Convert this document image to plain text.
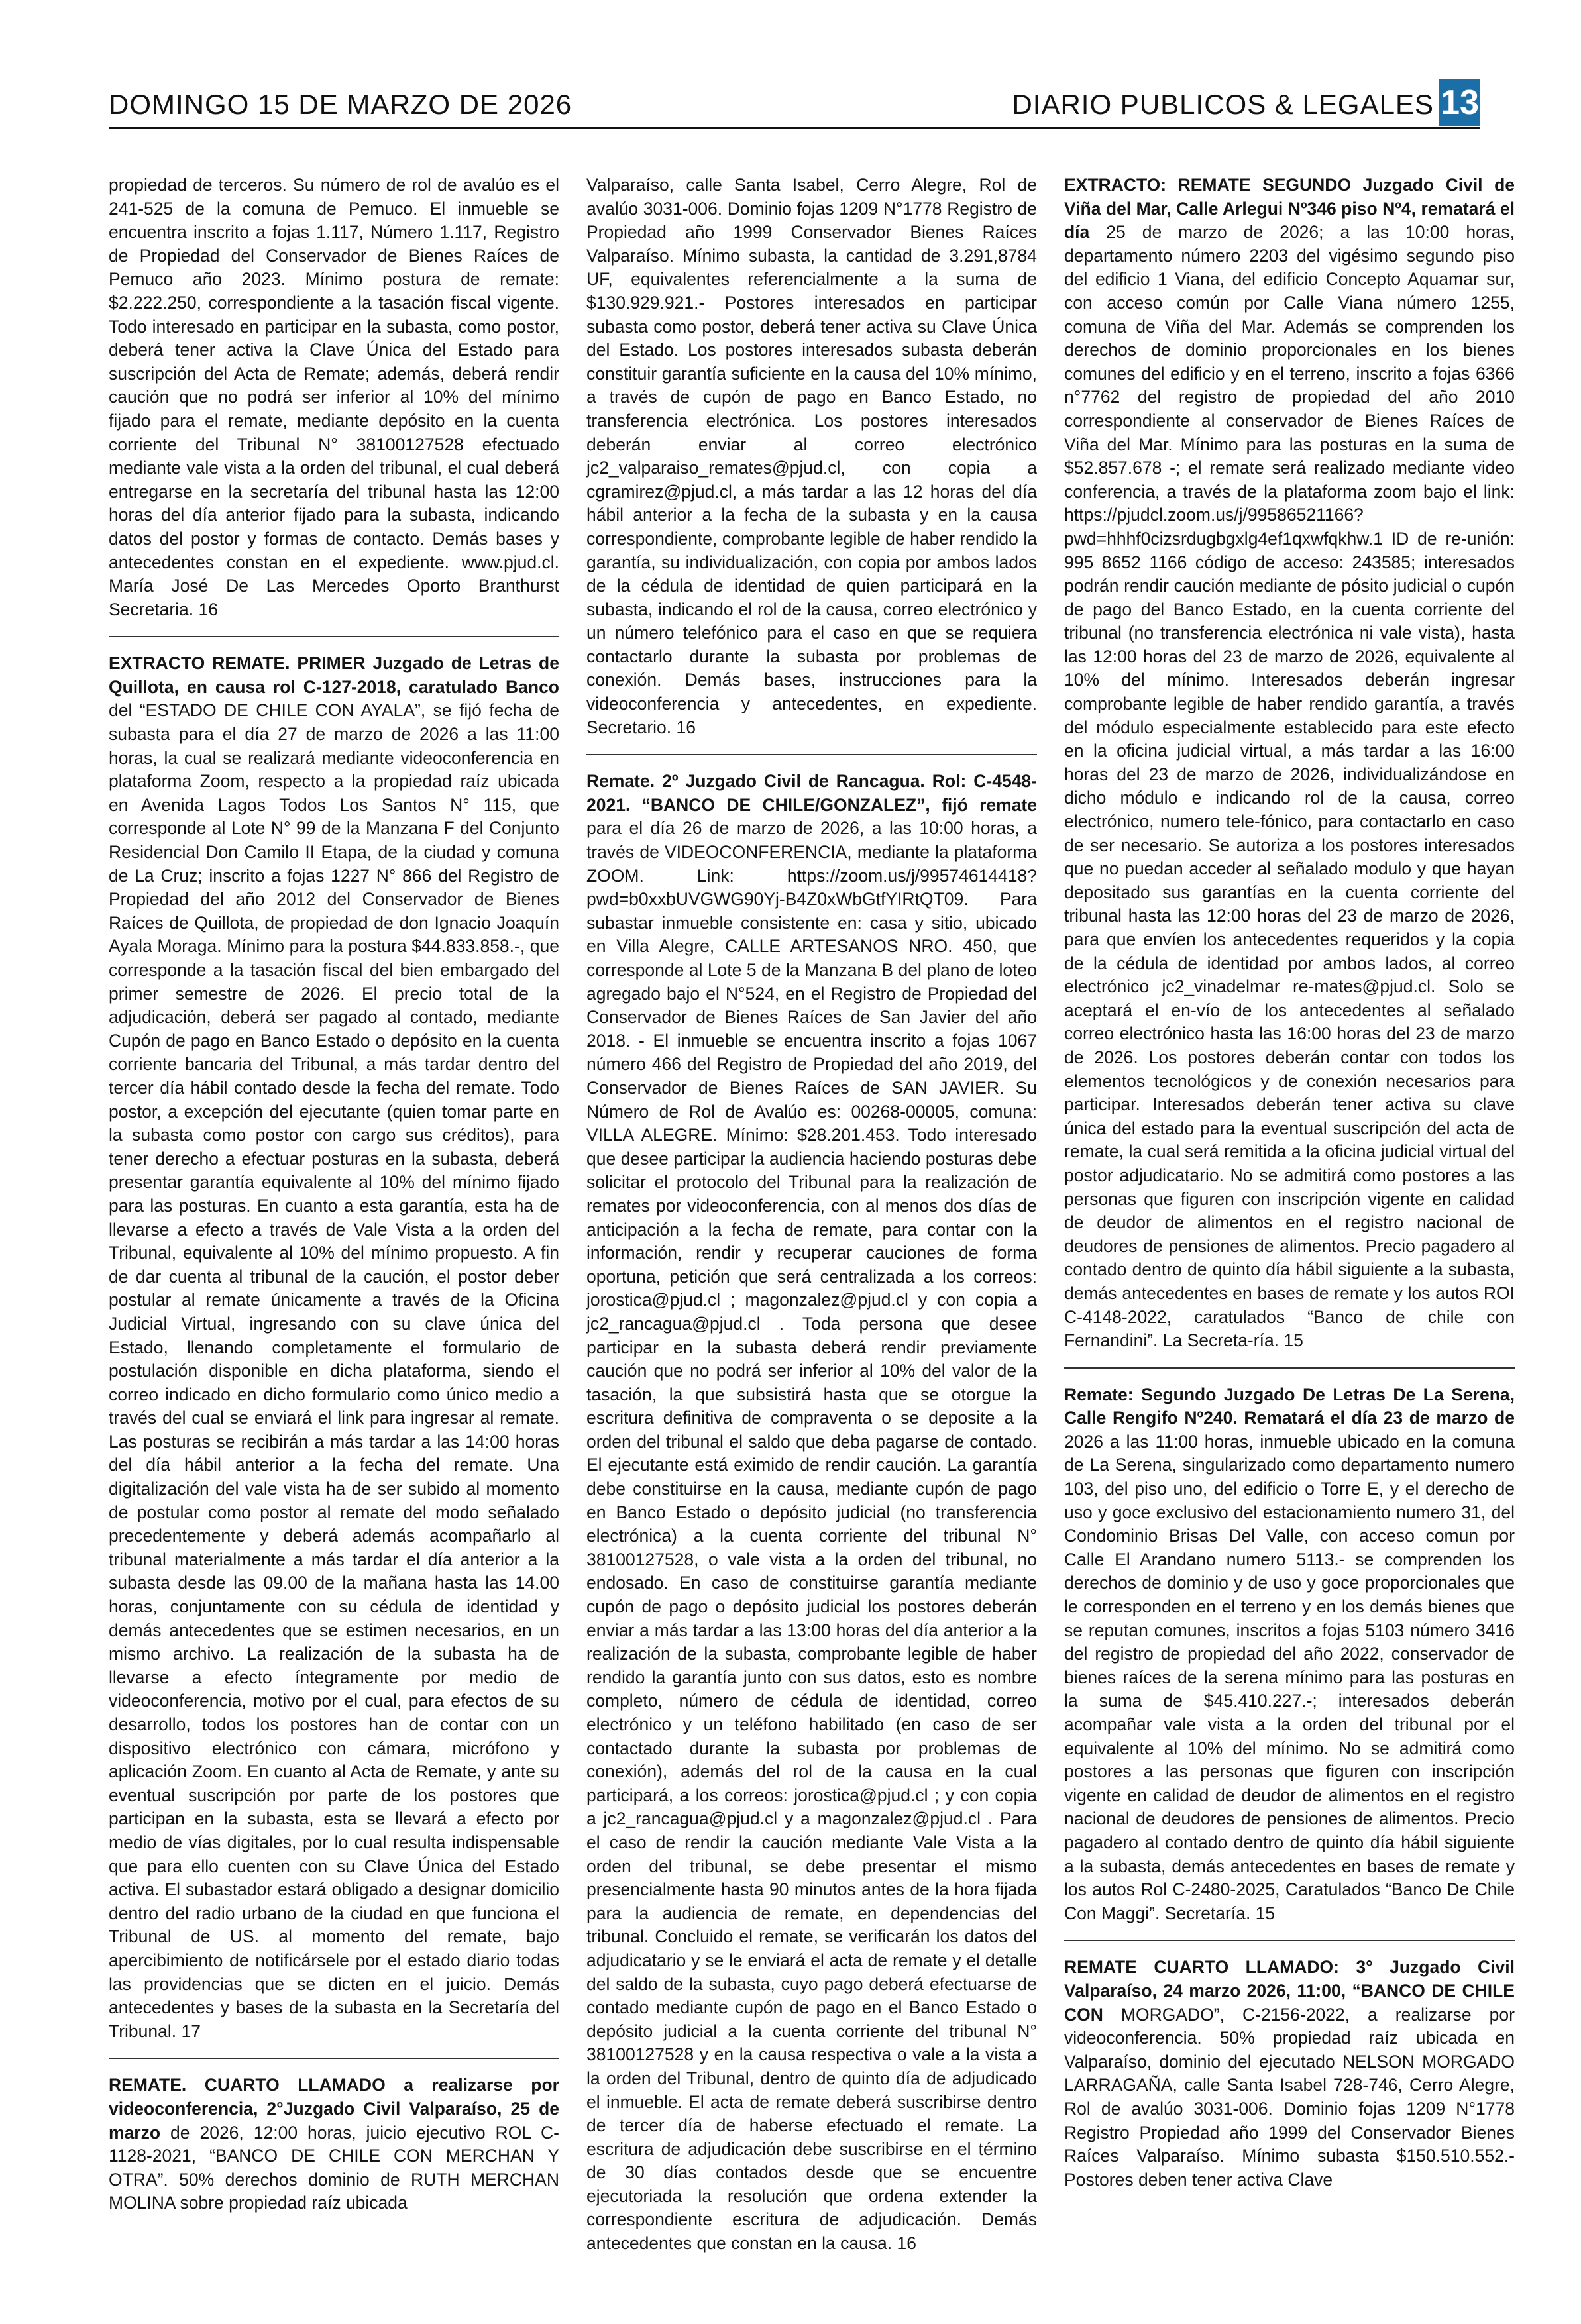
DOMINGO 15 DE MARZO DE 2026	DIARIO PUBLICOS & LEGALES 13

propiedad de terceros. Su número de rol de avalúo es el 241-525 de la comuna de Pemuco. El inmueble se encuentra inscrito a fojas 1.117, Número 1.117, Registro de Propiedad del Conservador de Bienes Raíces de Pemuco año 2023. Mínimo postura de remate: $2.222.250, correspondiente a la tasación fiscal vigente. Todo interesado en participar en la subasta, como postor, deberá tener activa la Clave Única del Estado para suscripción del Acta de Remate; además, deberá rendir caución que no podrá ser inferior al 10% del mínimo fijado para el remate, mediante depósito en la cuenta corriente del Tribunal N° 38100127528 efectuado mediante vale vista a la orden del tribunal, el cual deberá entregarse en la secretaría del tribunal hasta las 12:00 horas del día anterior fijado para la subasta, indicando datos del postor y formas de contacto. Demás bases y antecedentes constan en el expediente. www.pjud.cl. María José De Las Mercedes Oporto Branthurst Secretaria. 16

EXTRACTO REMATE. PRIMER Juzgado de Letras de Quillota, en causa rol C-127-2018, caratulado Banco del “ESTADO DE CHILE CON AYALA”, se fijó fecha de subasta para el día 27 de marzo de 2026 a las 11:00 horas, la cual se realizará mediante videoconferencia en plataforma Zoom, respecto a la propiedad raíz ubicada en Avenida Lagos Todos Los Santos N° 115, que corresponde al Lote N° 99 de la Manzana F del Conjunto Residencial Don Camilo II Etapa, de la ciudad y comuna de La Cruz; inscrito a fojas 1227 N° 866 del Registro de Propiedad del año 2012 del Conservador de Bienes Raíces de Quillota, de propiedad de don Ignacio Joaquín Ayala Moraga. Mínimo para la postura $44.833.858.-, que corresponde a la tasación fiscal del bien embargado del primer semestre de 2026. El precio total de la adjudicación, deberá ser pagado al contado, mediante Cupón de pago en Banco Estado o depósito en la cuenta corriente bancaria del Tribunal, a más tardar dentro del tercer día hábil contado desde la fecha del remate. Todo postor, a excepción del ejecutante (quien tomar parte en la subasta como postor con cargo sus créditos), para tener derecho a efectuar posturas en la subasta, deberá presentar garantía equivalente al 10% del mínimo fijado para las posturas. En cuanto a esta garantía, esta ha de llevarse a efecto a través de Vale Vista a la orden del Tribunal, equivalente al 10% del mínimo propuesto. A fin de dar cuenta al tribunal de la caución, el postor deber postular al remate únicamente a través de la Oficina Judicial Virtual, ingresando con su clave única del Estado, llenando completamente el formulario de postulación disponible en dicha plataforma, siendo el correo indicado en dicho formulario como único medio a través del cual se enviará el link para ingresar al remate. Las posturas se recibirán a más tardar a las 14:00 horas del día hábil anterior a la fecha del remate. Una digitalización del vale vista ha de ser subido al momento de postular como postor al remate del modo señalado precedentemente y deberá además acompañarlo al tribunal materialmente a más tardar el día anterior a la subasta desde las 09.00 de la mañana hasta las 14.00 horas, conjuntamente con su cédula de identidad y demás antecedentes que se estimen necesarios, en un mismo archivo. La realización de la subasta ha de llevarse a efecto íntegramente por medio de videoconferencia, motivo por el cual, para efectos de su desarrollo, todos los postores han de contar con un dispositivo electrónico con cámara, micrófono y aplicación Zoom. En cuanto al Acta de Remate, y ante su eventual suscripción por parte de los postores que participan en la subasta, esta se llevará a efecto por medio de vías digitales, por lo cual resulta indispensable que para ello cuenten con su Clave Única del Estado activa. El subastador estará obligado a designar domicilio dentro del radio urbano de la ciudad en que funciona el Tribunal de US. al momento del remate, bajo apercibimiento de notificársele por el estado diario todas las providencias que se dicten en el juicio. Demás antecedentes y bases de la subasta en la Secretaría del Tribunal. 17

REMATE. CUARTO LLAMADO a realizarse por videoconferencia, 2°Juzgado Civil Valparaíso, 25 de marzo de 2026, 12:00 horas, juicio ejecutivo ROL C-1128-2021, “BANCO DE CHILE CON MERCHAN Y OTRA”. 50% derechos dominio de RUTH MERCHAN MOLINA sobre propiedad raíz ubicada

Valparaíso, calle Santa Isabel, Cerro Alegre, Rol de avalúo 3031-006. Dominio fojas 1209 N°1778 Registro de Propiedad año 1999 Conservador Bienes Raíces Valparaíso. Mínimo subasta, la cantidad de 3.291,8784 UF, equivalentes referencialmente a la suma de $130.929.921.- Postores interesados en participar subasta como postor, deberá tener activa su Clave Única del Estado. Los postores interesados subasta deberán constituir garantía suficiente en la causa del 10% mínimo, a través de cupón de pago en Banco Estado, no transferencia electrónica. Los postores interesados deberán enviar al correo electrónico jc2_valparaiso_remates@pjud.cl, con copia a cgramirez@pjud.cl, a más tardar a las 12 horas del día hábil anterior a la fecha de la subasta y en la causa correspondiente, comprobante legible de haber rendido la garantía, su individualización, con copia por ambos lados de la cédula de identidad de quien participará en la subasta, indicando el rol de la causa, correo electrónico y un número telefónico para el caso en que se requiera contactarlo durante la subasta por problemas de conexión. Demás bases, instrucciones para la videoconferencia y antecedentes, en expediente. Secretario. 16

Remate. 2º Juzgado Civil de Rancagua. Rol: C-4548-2021. “BANCO DE CHILE/GONZALEZ”, fijó remate para el día 26 de marzo de 2026, a las 10:00 horas, a través de VIDEOCONFERENCIA, mediante la plataforma ZOOM. Link: https://zoom.us/j/99574614418? pwd=b0xxbUVGWG90Yj-B4Z0xWbGtfYIRtQT09. Para subastar inmueble consistente en: casa y sitio, ubicado en Villa Alegre, CALLE ARTESANOS NRO. 450, que corresponde al Lote 5 de la Manzana B del plano de loteo agregado bajo el N°524, en el Registro de Propiedad del Conservador de Bienes Raíces de San Javier del año 2018. - El inmueble se encuentra inscrito a fojas 1067 número 466 del Registro de Propiedad del año 2019, del Conservador de Bienes Raíces de SAN JAVIER. Su Número de Rol de Avalúo es: 00268-00005, comuna: VILLA ALEGRE. Mínimo: $28.201.453. Todo interesado que desee participar la audiencia haciendo posturas debe solicitar el protocolo del Tribunal para la realización de remates por videoconferencia, con al menos dos días de anticipación a la fecha de remate, para contar con la información, rendir y recuperar cauciones de forma oportuna, petición que será centralizada a los correos: jorostica@pjud.cl ; magonzalez@pjud.cl y con copia a jc2_rancagua@pjud.cl . Toda persona que desee participar en la subasta deberá rendir previamente caución que no podrá ser inferior al 10% del valor de la tasación, la que subsistirá hasta que se otorgue la escritura definitiva de compraventa o se deposite a la orden del tribunal el saldo que deba pagarse de contado. El ejecutante está eximido de rendir caución. La garantía debe constituirse en la causa, mediante cupón de pago en Banco Estado o depósito judicial (no transferencia electrónica) a la cuenta corriente del tribunal N° 38100127528, o vale vista a la orden del tribunal, no endosado. En caso de constituirse garantía mediante cupón de pago o depósito judicial los postores deberán enviar a más tardar a las 13:00 horas del día anterior a la realización de la subasta, comprobante legible de haber rendido la garantía junto con sus datos, esto es nombre completo, número de cédula de identidad, correo electrónico y un teléfono habilitado (en caso de ser contactado durante la subasta por problemas de conexión), además del rol de la causa en la cual participará, a los correos: jorostica@pjud.cl ; y con copia a jc2_rancagua@pjud.cl y a magonzalez@pjud.cl . Para el caso de rendir la caución mediante Vale Vista a la orden del tribunal, se debe presentar el mismo presencialmente hasta 90 minutos antes de la hora fijada para la audiencia de remate, en dependencias del tribunal. Concluido el remate, se verificarán los datos del adjudicatario y se le enviará el acta de remate y el detalle del saldo de la subasta, cuyo pago deberá efectuarse de contado mediante cupón de pago en el Banco Estado o depósito judicial a la cuenta corriente del tribunal N° 38100127528 y en la causa respectiva o vale a la vista a la orden del Tribunal, dentro de quinto día de adjudicado el inmueble. El acta de remate deberá suscribirse dentro de tercer día de haberse efectuado el remate. La escritura de adjudicación debe suscribirse en el término de 30 días contados desde que se encuentre ejecutoriada la resolución que ordena extender la correspondiente escritura de adjudicación. Demás antecedentes que constan en la causa. 16

EXTRACTO: REMATE SEGUNDO Juzgado Civil de Viña del Mar, Calle Arlegui Nº346 piso Nº4, rematará el día 25 de marzo de 2026; a las 10:00 horas, departamento número 2203 del vigésimo segundo piso del edificio 1 Viana, del edificio Concepto Aquamar sur, con acceso común por Calle Viana número 1255, comuna de Viña del Mar. Además se comprenden los derechos de dominio proporcionales en los bienes comunes del edificio y en el terreno, inscrito a fojas 6366 n°7762 del registro de propiedad del año 2010 correspondiente al conservador de Bienes Raíces de Viña del Mar. Mínimo para las posturas en la suma de $52.857.678 -; el remate será realizado mediante video conferencia, a través de la plataforma zoom bajo el link: https://pjudcl.zoom.us/j/99586521166?pwd=hhhf0cizsrdugbgxlg4ef1qxwfqkhw.1 ID de re-unión: 995 8652 1166 código de acceso: 243585; interesados podrán rendir caución mediante de pósito judicial o cupón de pago del Banco Estado, en la cuenta corriente del tribunal (no transferencia electrónica ni vale vista), hasta las 12:00 horas del 23 de marzo de 2026, equivalente al 10% del mínimo. Interesados deberán ingresar comprobante legible de haber rendido garantía, a través del módulo especialmente establecido para este efecto en la oficina judicial virtual, a más tardar a las 16:00 horas del 23 de marzo de 2026, individualizándose en dicho módulo e indicando rol de la causa, correo electrónico, numero tele-fónico, para contactarlo en caso de ser necesario. Se autoriza a los postores interesados que no puedan acceder al señalado modulo y que hayan depositado sus garantías en la cuenta corriente del tribunal hasta las 12:00 horas del 23 de marzo de 2026, para que envíen los antecedentes requeridos y la copia de la cédula de identidad por ambos lados, al correo electrónico jc2_vinadelmar re-mates@pjud.cl. Solo se aceptará el en-vío de los antecedentes al señalado correo electrónico hasta las 16:00 horas del 23 de marzo de 2026. Los postores deberán contar con todos los elementos tecnológicos y de conexión necesarios para participar. Interesados deberán tener activa su clave única del estado para la eventual suscripción del acta de remate, la cual será remitida a la oficina judicial virtual del postor adjudicatario. No se admitirá como postores a las personas que figuren con inscripción vigente en calidad de deudor de alimentos en el registro nacional de deudores de pensiones de alimentos. Precio pagadero al contado dentro de quinto día hábil siguiente a la subasta, demás antecedentes en bases de remate y los autos ROI C-4148-2022, caratulados “Banco de chile con Fernandini”. La Secreta-ría. 15

Remate: Segundo Juzgado De Letras De La Serena, Calle Rengifo Nº240. Rematará el día 23 de marzo de 2026 a las 11:00 horas, inmueble ubicado en la comuna de La Serena, singularizado como departamento numero 103, del piso uno, del edificio o Torre E, y el derecho de uso y goce exclusivo del estacionamiento numero 31, del Condominio Brisas Del Valle, con acceso comun por Calle El Arandano numero 5113.- se comprenden los derechos de dominio y de uso y goce proporcionales que le corresponden en el terreno y en los demás bienes que se reputan comunes, inscritos a fojas 5103 número 3416 del registro de propiedad del año 2022, conservador de bienes raíces de la serena mínimo para las posturas en la suma de $45.410.227.-; interesados deberán acompañar vale vista a la orden del tribunal por el equivalente al 10% del mínimo. No se admitirá como postores a las personas que figuren con inscripción vigente en calidad de deudor de alimentos en el registro nacional de deudores de pensiones de alimentos. Precio pagadero al contado dentro de quinto día hábil siguiente a la subasta, demás antecedentes en bases de remate y los autos Rol C-2480-2025, Caratulados “Banco De Chile Con Maggi”. Secretaría. 15

REMATE CUARTO LLAMADO: 3° Juzgado Civil Valparaíso, 24 marzo 2026, 11:00, “BANCO DE CHILE CON MORGADO”, C-2156-2022, a realizarse por videoconferencia. 50% propiedad raíz ubicada en Valparaíso, dominio del ejecutado NELSON MORGADO LARRAGAÑA, calle Santa Isabel 728-746, Cerro Alegre, Rol de avalúo 3031-006. Dominio fojas 1209 N°1778 Registro Propiedad año 1999 del Conservador Bienes Raíces Valparaíso. Mínimo subasta $150.510.552.- Postores deben tener activa Clave
